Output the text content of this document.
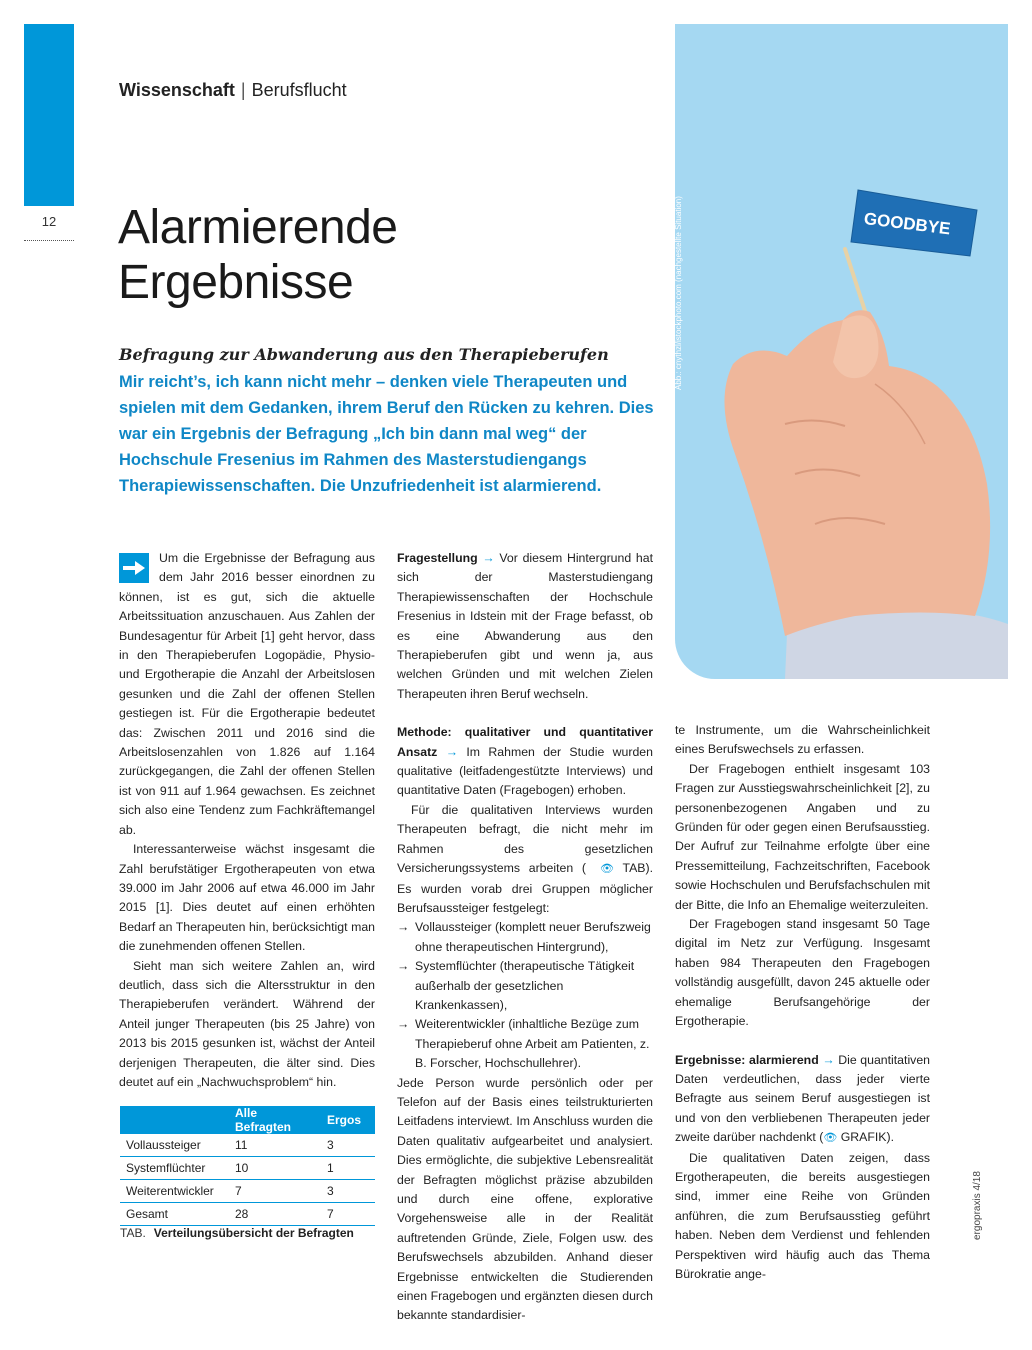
12
Wissenschaft | Berufsflucht
Alarmierende
Ergebnisse
Befragung zur Abwanderung aus den Therapieberufen

Mir reicht’s, ich kann nicht mehr – denken viele Therapeuten und spielen mit dem Gedanken, ihrem Beruf den Rücken zu kehren. Dies war ein Ergebnis der Befragung „Ich bin dann mal weg“ der Hochschule Fresenius im Rahmen des Masterstudiengangs Therapiewissenschaften. Die Unzufriedenheit ist alarmierend.

GOODBYE
Abb.: cnythzl/istockphoto.com (nachgestellte Situation)

Um die Ergebnisse der Befragung aus dem Jahr 2016 besser einordnen zu können, ist es gut, sich die aktuelle Arbeitssituation anzuschauen. Aus Zahlen der Bundesagentur für Arbeit [1] geht hervor, dass in den Therapieberufen Logopädie, Physio- und Ergotherapie die Anzahl der Arbeitslosen gesunken und die Zahl der offenen Stellen gestiegen ist. Für die Ergotherapie bedeutet das: Zwischen 2011 und 2016 sind die Arbeitslosenzahlen von 1.826 auf 1.164 zurückgegangen, die Zahl der offenen Stellen ist von 911 auf 1.964 gewachsen. Es zeichnet sich also eine Tendenz zum Fachkräftemangel ab.

Interessanterweise wächst insgesamt die Zahl berufstätiger Ergotherapeuten von etwa 39.000 im Jahr 2006 auf etwa 46.000 im Jahr 2015 [1]. Dies deutet auf einen erhöhten Bedarf an Therapeuten hin, berücksichtigt man die zunehmenden offenen Stellen.

Sieht man sich weitere Zahlen an, wird deutlich, dass sich die Altersstruktur in den Therapieberufen verändert. Während der Anteil junger Therapeuten (bis 25 Jahre) von 2013 bis 2015 gesunken ist, wächst der Anteil derjenigen Therapeuten, die älter sind. Dies deutet auf ein „Nachwuchsproblem“ hin.

Fragestellung → Vor diesem Hintergrund hat sich der Masterstudiengang Therapiewissenschaften der Hochschule Fresenius in Idstein mit der Frage befasst, ob es eine Abwanderung aus den Therapieberufen gibt und wenn ja, aus welchen Gründen und mit welchen Zielen Therapeuten ihren Beruf wechseln.

Methode: qualitativer und quantitativer Ansatz → Im Rahmen der Studie wurden qualitative (leitfadengestützte Interviews) und quantitative Daten (Fragebogen) erhoben.

Für die qualitativen Interviews wurden Therapeuten befragt, die nicht mehr im Rahmen des gesetzlichen Versicherungssystems arbeiten ( 👁 TAB). Es wurden vorab drei Gruppen möglicher Berufsaussteiger festgelegt:

→ Vollaussteiger (komplett neuer Berufszweig ohne therapeutischen Hintergrund),
→ Systemflüchter (therapeutische Tätigkeit außerhalb der gesetzlichen Krankenkassen),
→ Weiterentwickler (inhaltliche Bezüge zum Therapieberuf ohne Arbeit am Patienten, z. B. Forscher, Hochschullehrer).

Jede Person wurde persönlich oder per Telefon auf der Basis eines teilstrukturierten Leitfadens interviewt. Im Anschluss wurden die Daten qualitativ aufgearbeitet und analysiert. Dies ermöglichte, die subjektive Lebensrealität der Befragten möglichst präzise abzubilden und durch eine offene, explorative Vorgehensweise alle in der Realität auftretenden Gründe, Ziele, Folgen usw. des Berufswechsels abzubilden. Anhand dieser Ergebnisse entwickelten die Studierenden einen Fragebogen und ergänzten diesen durch bekannte standardisier-

te Instrumente, um die Wahrscheinlichkeit eines Berufswechsels zu erfassen.

Der Fragebogen enthielt insgesamt 103 Fragen zur Ausstiegswahrscheinlichkeit [2], zu personenbezogenen Angaben und zu Gründen für oder gegen einen Berufsausstieg. Der Aufruf zur Teilnahme erfolgte über eine Pressemitteilung, Fachzeitschriften, Facebook sowie Hochschulen und Berufsfachschulen mit der Bitte, die Info an Ehemalige weiterzuleiten.

Der Fragebogen stand insgesamt 50 Tage digital im Netz zur Verfügung. Insgesamt haben 984 Therapeuten den Fragebogen vollständig ausgefüllt, davon 245 aktuelle oder ehemalige Berufsangehörige der Ergotherapie.

Ergebnisse: alarmierend → Die quantitativen Daten verdeutlichen, dass jeder vierte Befragte aus seinem Beruf ausgestiegen ist und von den verbliebenen Therapeuten jeder zweite darüber nachdenkt (👁 GRAFIK).

Die qualitativen Daten zeigen, dass Ergotherapeuten, die bereits ausgestiegen sind, immer eine Reihe von Gründen anführen, die zum Berufsausstieg geführt haben. Neben dem Verdienst und fehlenden Perspektiven wird häufig auch das Thema Bürokratie ange-

	Alle Befragten	Ergos
Vollaussteiger	11	3
Systemflüchter	10	1
Weiterentwickler	7	3
Gesamt	28	7
TAB. Verteilungsübersicht der Befragten	ergopraxis 4/18
